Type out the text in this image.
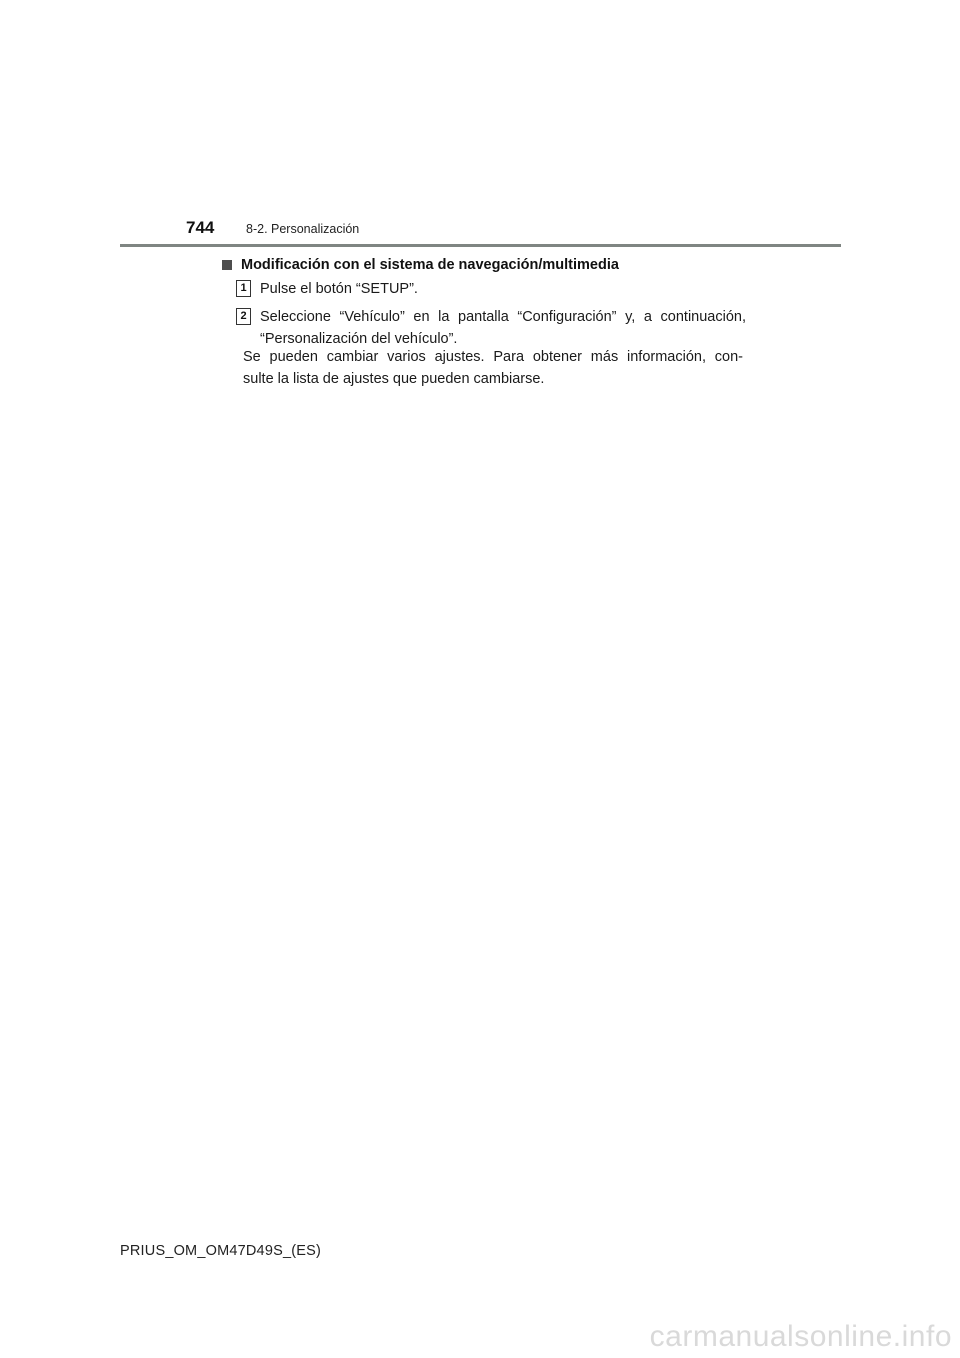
744	8-2. Personalización
Modificación con el sistema de navegación/multimedia
1 Pulse el botón “SETUP”.
2 Seleccione “Vehículo” en la pantalla “Configuración” y, a continuación,
“Personalización del vehículo”.
Se pueden cambiar varios ajustes. Para obtener más información, con-
sulte la lista de ajustes que pueden cambiarse.
PRIUS_OM_OM47D49S_(ES)
carmanualsonline.info
